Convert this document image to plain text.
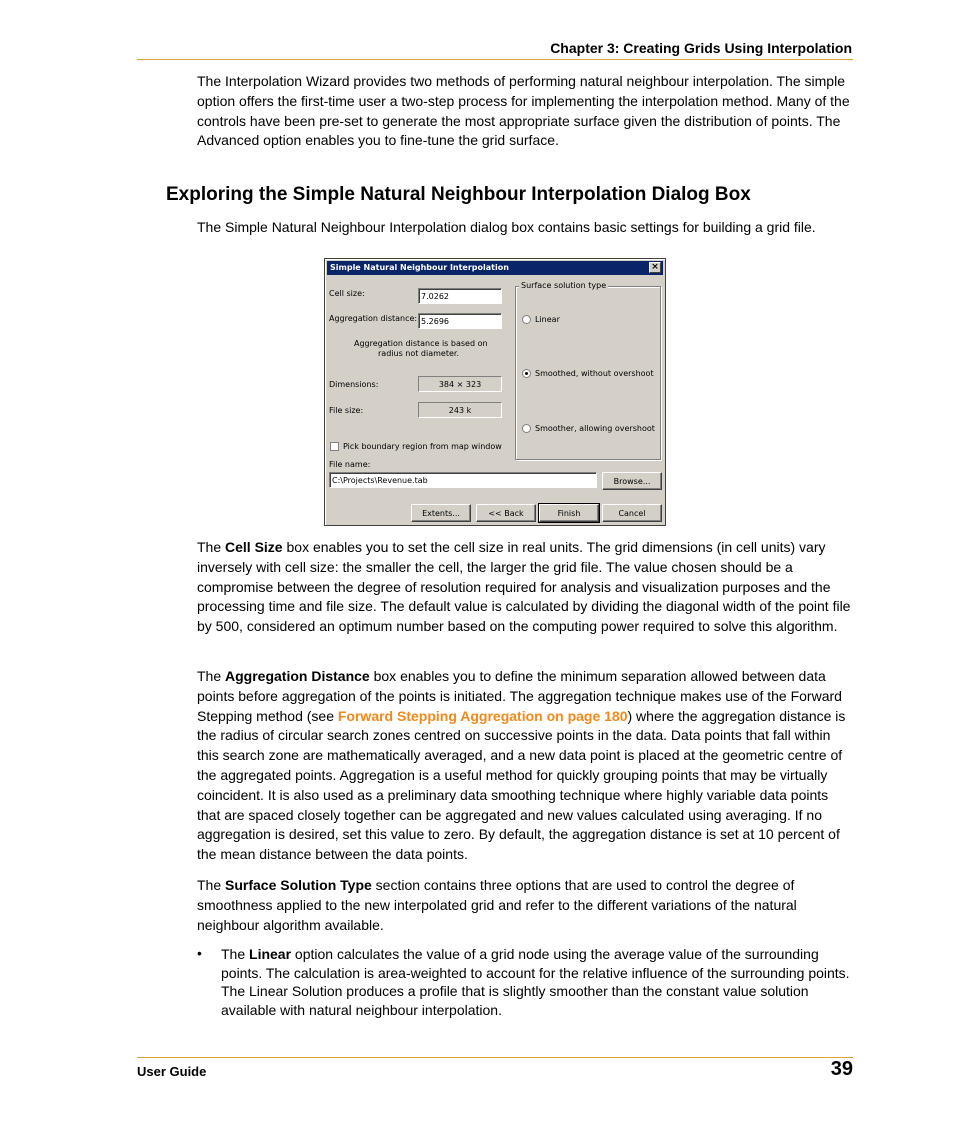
Chapter 3: Creating Grids Using Interpolation

The Interpolation Wizard provides two methods of performing natural neighbour interpolation. The simple option offers the first-time user a two-step process for implementing the interpolation method. Many of the controls have been pre-set to generate the most appropriate surface given the distribution of points. The Advanced option enables you to fine-tune the grid surface.

Exploring the Simple Natural Neighbour Interpolation Dialog Box

The Simple Natural Neighbour Interpolation dialog box contains basic settings for building a grid file.

Simple Natural Neighbour Interpolation	×
Cell size:	7.0262
Aggregation distance: 5.2696
Aggregation distance is based on
radius not diameter.
Dimensions:	384 × 323
File size:	243 k
Pick boundary region from map window
Surface solution type
Linear
Smoothed, without overshoot
Smoother, allowing overshoot
File name:
C:\Projects\Revenue.tab	Browse...
Extents...	<< Back	Finish	Cancel

The Cell Size box enables you to set the cell size in real units. The grid dimensions (in cell units) vary inversely with cell size: the smaller the cell, the larger the grid file. The value chosen should be a compromise between the degree of resolution required for analysis and visualization purposes and the processing time and file size. The default value is calculated by dividing the diagonal width of the point file by 500, considered an optimum number based on the computing power required to solve this algorithm.

The Aggregation Distance box enables you to define the minimum separation allowed between data points before aggregation of the points is initiated. The aggregation technique makes use of the Forward Stepping method (see Forward Stepping Aggregation on page 180) where the aggregation distance is the radius of circular search zones centred on successive points in the data. Data points that fall within this search zone are mathematically averaged, and a new data point is placed at the geometric centre of the aggregated points. Aggregation is a useful method for quickly grouping points that may be virtually coincident. It is also used as a preliminary data smoothing technique where highly variable data points that are spaced closely together can be aggregated and new values calculated using averaging. If no aggregation is desired, set this value to zero. By default, the aggregation distance is set at 10 percent of the mean distance between the data points.

The Surface Solution Type section contains three options that are used to control the degree of smoothness applied to the new interpolated grid and refer to the different variations of the natural neighbour algorithm available.

• The Linear option calculates the value of a grid node using the average value of the surrounding points. The calculation is area-weighted to account for the relative influence of the surrounding points. The Linear Solution produces a profile that is slightly smoother than the constant value solution available with natural neighbour interpolation.

User Guide	39
